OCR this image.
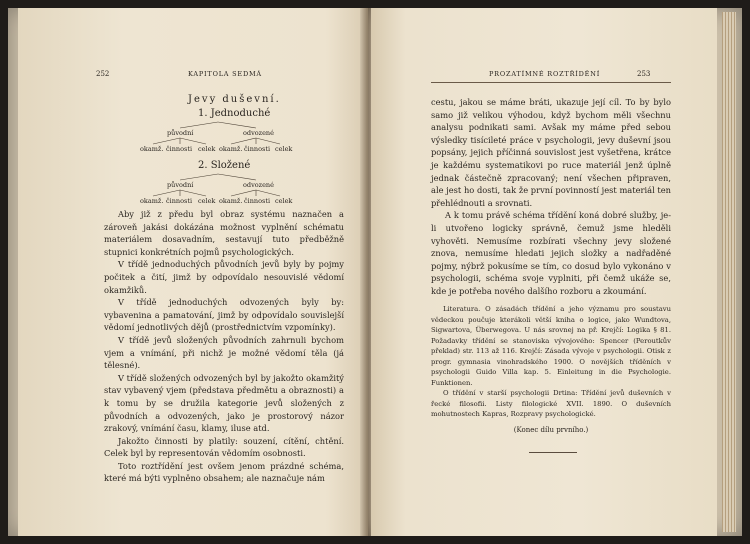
252	KAPITOLA SEDMÁ
Jevy duševní.
1. Jednoduché
původní	odvozené
okamž. činnosti celek okamž. činnosti celek
2. Složené
původní	odvozené
okamž. činnosti celek okamž. činnosti celek

Aby již z předu byl obraz systému naznačen a zároveň jakási dokázána možnost vyplnění schématu materiálem dosavadním, sestavují tuto předběžně stupnici konkrétních pojmů psychologických.

V třídě jednoduchých původních jevů byly by pojmy počitek a čití, jimž by odpovídalo nesouvislé vědomí okamžiků.

V třídě jednoduchých odvozených byly by: vybavenina a pamatování, jimž by odpovídalo souvislejší vědomí jednotlivých dějů (prostřednictvím vzpomínky).

V třídě jevů složených původních zahrnuli bychom vjem a vnímání, při nichž je možné vědomí těla (já tělesné).

V třídě složených odvozených byl by jakožto okamžitý stav vybavený vjem (představa předmětu a obraznosti) a k tomu by se družila kategorie jevů složených z původních a odvozených, jako je prostorový názor zrakový, vnímání času, klamy, iluse atd.

Jakožto činnosti by platily: souzení, cítění, chtění. Celek byl by representován vědomím osobnosti.

Toto roztřídění jest ovšem jenom prázdné schéma, které má býti vyplněno obsahem; ale naznačuje nám

PROZATÍMNÉ ROZTŘÍDĚNÍ	253

cestu, jakou se máme bráti, ukazuje její cíl. To by bylo samo již velikou výhodou, když bychom měli všechnu analysu podnikati sami. Avšak my máme před sebou výsledky tisícileté práce v psychologii, jevy duševní jsou popsány, jejich příčinná souvislost jest vyšetřena, krátce je každému systematikovi po ruce materiál jenž úplně jednak částečně zpracovaný; není všechen připraven, ale jest ho dosti, tak že první povinností jest materiál ten přehlédnouti a srovnati.

A k tomu právě schéma třídění koná dobré služby, je-li utvořeno logicky správně, čemuž jsme hleděli vyhověti. Nemusíme rozbírati všechny jevy složené znova, nemusíme hledati jejich složky a nadřaděné pojmy, nýbrž pokusíme se tím, co dosud bylo vykonáno v psychologii, schéma svoje vyplniti, při čemž ukáže se, kde je potřeba nového dalšího rozboru a zkoumání.

Literatura. O zásadách třídění a jeho významu pro soustavu vědeckou poučuje kterákoli větší kniha o logice, jako Wundtova, Sigwartova, Überwegova. U nás srovnej na př. Krejčí: Logika § 81. Požadavky třídění se stanoviska vývojového: Spencer (Peroutkův překlad) str. 113 až 116. Krejčí: Zásada vývoje v psychologii. Otisk z progr. gymnasia vinohradského 1900. O novějších tříděních v psychologii Guido Villa kap. 5. Einleitung in die Psychologie. Funktionen.

O třídění v starší psychologii Drtina: Třídění jevů duševních v řecké filosofii. Listy filologické XVII. 1890. O duševních mohutnostech Kapras, Rozpravy psychologické.

(Konec dílu prvního.)
